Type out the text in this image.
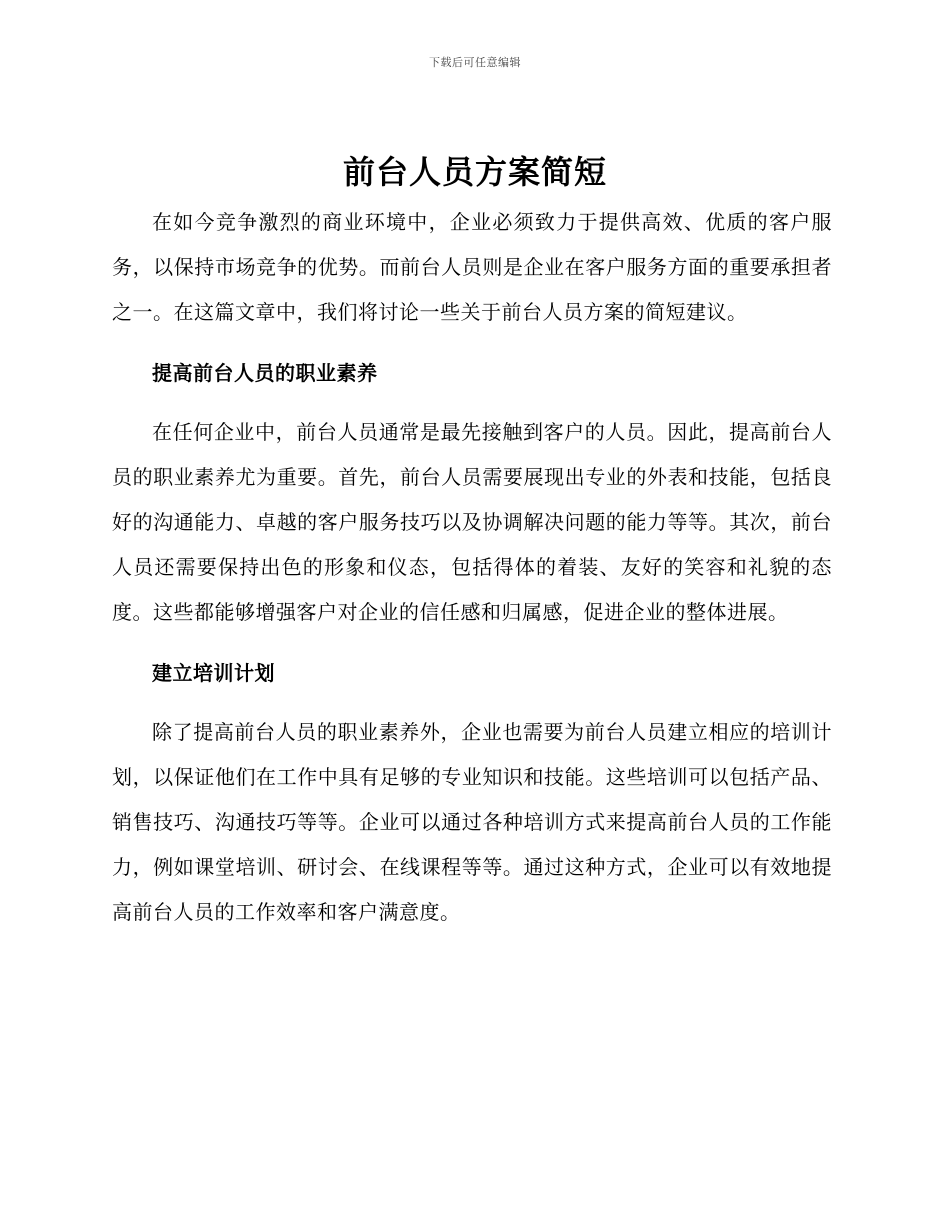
下载后可任意编辑
前台人员方案简短

在如今竞争激烈的商业环境中，企业必须致力于提供高效、优质的客户服务，以保持市场竞争的优势。而前台人员则是企业在客户服务方面的重要承担者之一。在这篇文章中，我们将讨论一些关于前台人员方案的简短建议。

提高前台人员的职业素养

在任何企业中，前台人员通常是最先接触到客户的人员。因此，提高前台人员的职业素养尤为重要。首先，前台人员需要展现出专业的外表和技能，包括良好的沟通能力、卓越的客户服务技巧以及协调解决问题的能力等等。其次，前台人员还需要保持出色的形象和仪态，包括得体的着装、友好的笑容和礼貌的态度。这些都能够增强客户对企业的信任感和归属感，促进企业的整体进展。

建立培训计划

除了提高前台人员的职业素养外，企业也需要为前台人员建立相应的培训计划，以保证他们在工作中具有足够的专业知识和技能。这些培训可以包括产品、销售技巧、沟通技巧等等。企业可以通过各种培训方式来提高前台人员的工作能力，例如课堂培训、研讨会、在线课程等等。通过这种方式，企业可以有效地提高前台人员的工作效率和客户满意度。
